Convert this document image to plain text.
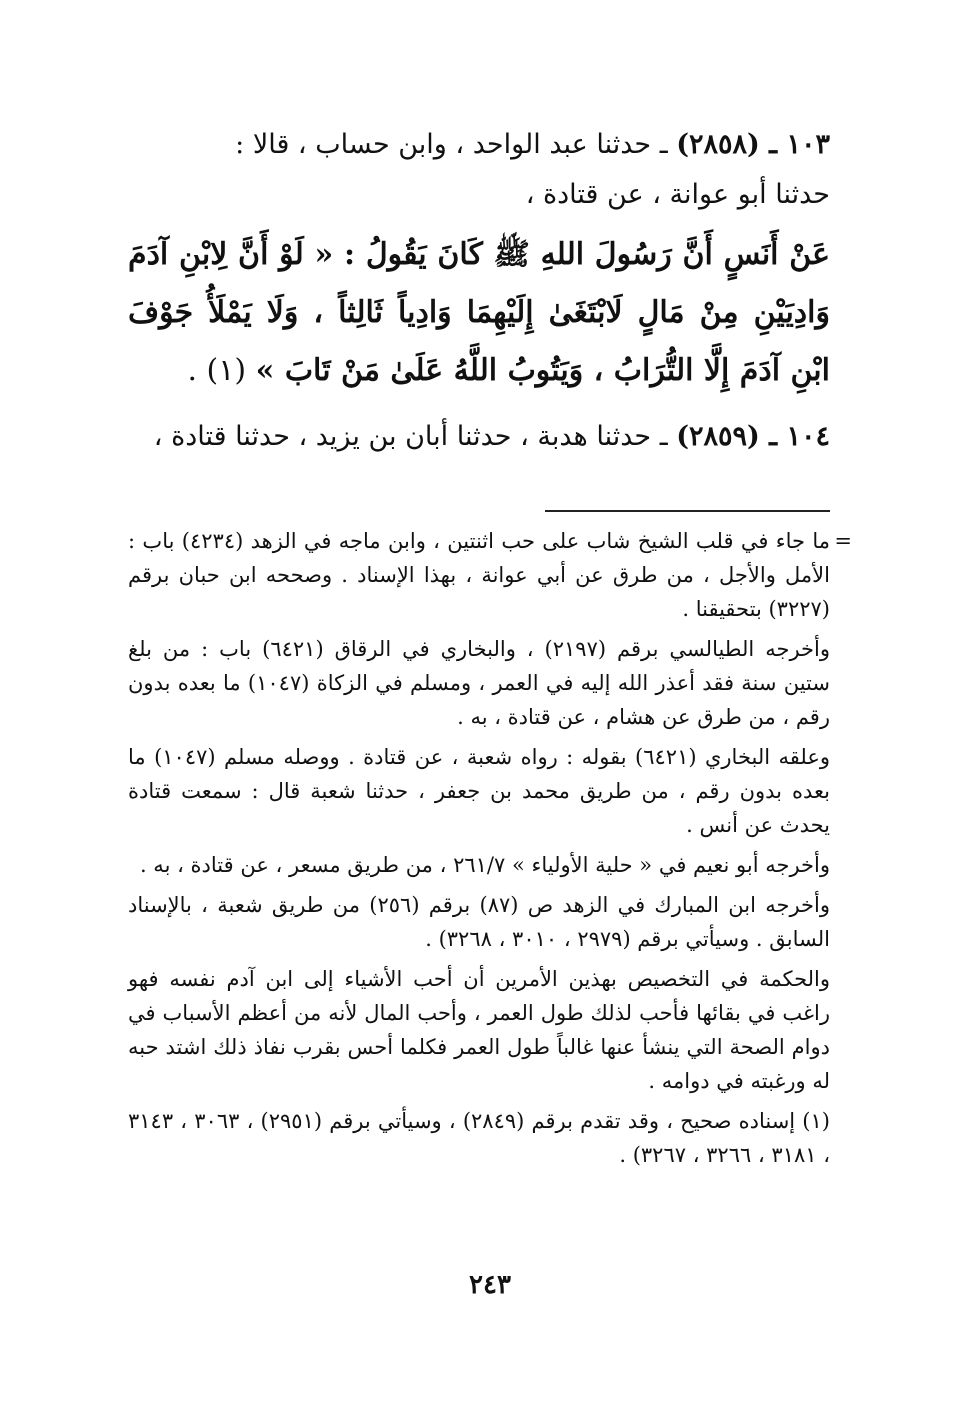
١٠٣ ـ (٢٨٥٨) ـ حدثنا عبد الواحد ، وابن حساب ، قالا :

حدثنا أبو عوانة ، عن قتادة ،

عَنْ أَنَسٍ أَنَّ رَسُولَ اللهِ ﷺ كَانَ يَقُولُ : « لَوْ أَنَّ لِابْنِ آدَمَ وَادِيَيْنِ مِنْ مَالٍ لَابْتَغَىٰ إِلَيْهِمَا وَادِياً ثَالِثاً ، وَلَا يَمْلَأُ جَوْفَ ابْنِ آدَمَ إِلَّا التُّرَابُ ، وَيَتُوبُ اللَّهُ عَلَىٰ مَنْ تَابَ » (١) .

١٠٤ ـ (٢٨٥٩) ـ حدثنا هدبة ، حدثنا أبان بن يزيد ، حدثنا قتادة ،

=
ما جاء في قلب الشيخ شاب على حب اثنتين ، وابن ماجه في الزهد (٤٢٣٤) باب : الأمل والأجل ، من طرق عن أبي عوانة ، بهذا الإسناد . وصححه ابن حبان برقم (٣٢٢٧) بتحقيقنا .

وأخرجه الطيالسي برقم (٢١٩٧) ، والبخاري في الرقاق (٦٤٢١) باب : من بلغ ستين سنة فقد أعذر الله إليه في العمر ، ومسلم في الزكاة (١٠٤٧) ما بعده بدون رقم ، من طرق عن هشام ، عن قتادة ، به .

وعلقه البخاري (٦٤٢١) بقوله : رواه شعبة ، عن قتادة . ووصله مسلم (١٠٤٧) ما بعده بدون رقم ، من طريق محمد بن جعفر ، حدثنا شعبة قال : سمعت قتادة يحدث عن أنس .

وأخرجه أبو نعيم في « حلية الأولياء » ٢٦١/٧ ، من طريق مسعر ، عن قتادة ، به .

وأخرجه ابن المبارك في الزهد ص (٨٧) برقم (٢٥٦) من طريق شعبة ، بالإسناد السابق . وسيأتي برقم (٢٩٧٩ ، ٣٠١٠ ، ٣٢٦٨) .

والحكمة في التخصيص بهذين الأمرين أن أحب الأشياء إلى ابن آدم نفسه فهو راغب في بقائها فأحب لذلك طول العمر ، وأحب المال لأنه من أعظم الأسباب في دوام الصحة التي ينشأ عنها غالباً طول العمر فكلما أحس بقرب نفاذ ذلك اشتد حبه له ورغبته في دوامه .

(١) إسناده صحيح ، وقد تقدم برقم (٢٨٤٩) ، وسيأتي برقم (٢٩٥١) ، ٣٠٦٣ ، ٣١٤٣ ، ٣١٨١ ، ٣٢٦٦ ، ٣٢٦٧) .

٢٤٣
